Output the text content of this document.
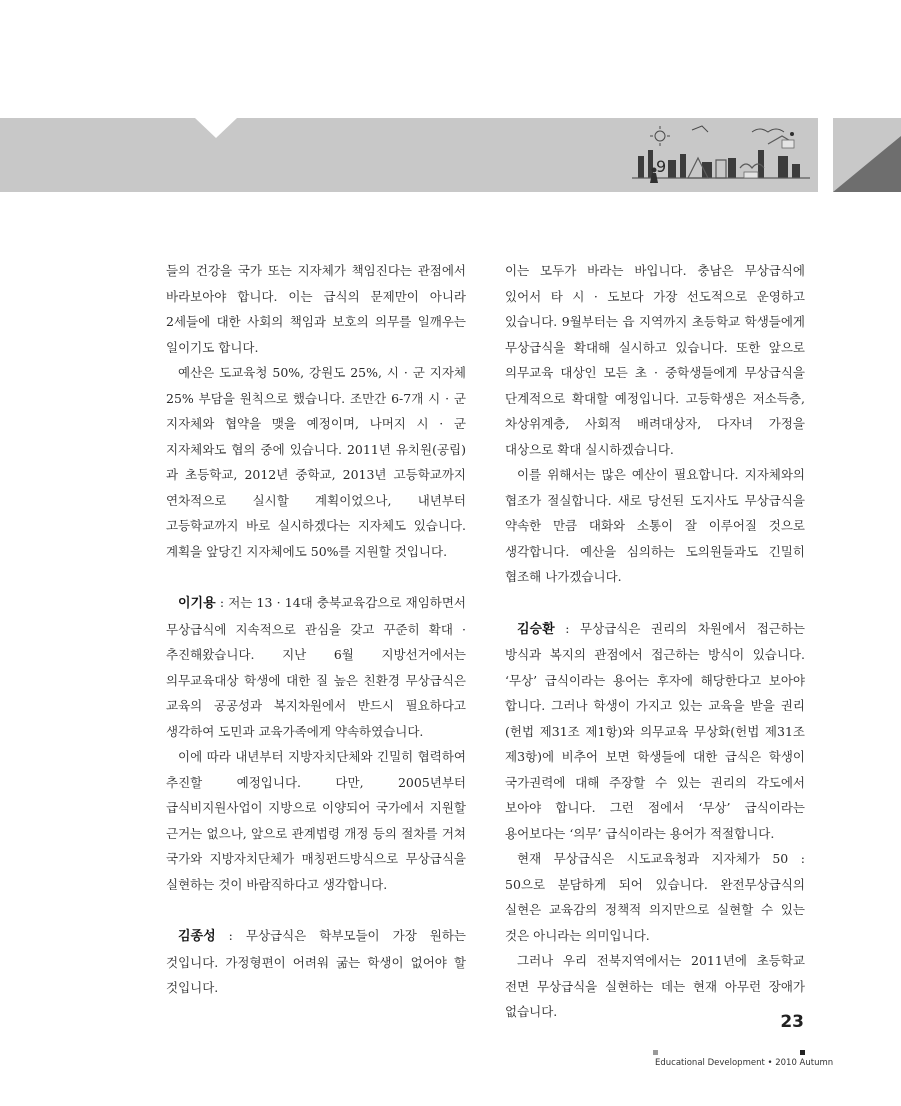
9

들의 건강을 국가 또는 지자체가 책임진다는 관점에서 바라보아야 합니다. 이는 급식의 문제만이 아니라 2세들에 대한 사회의 책임과 보호의 의무를 일깨우는 일이기도 합니다.

예산은 도교육청 50%, 강원도 25%, 시 · 군 지자체 25% 부담을 원칙으로 했습니다. 조만간 6-7개 시 · 군 지자체와 협약을 맺을 예정이며, 나머지 시 · 군 지자체와도 협의 중에 있습니다. 2011년 유치원(공립)과 초등학교, 2012년 중학교, 2013년 고등학교까지 연차적으로 실시할 계획이었으나, 내년부터 고등학교까지 바로 실시하겠다는 지자체도 있습니다. 계획을 앞당긴 지자체에도 50%를 지원할 것입니다.

이기용 : 저는 13 · 14대 충북교육감으로 재임하면서 무상급식에 지속적으로 관심을 갖고 꾸준히 확대 · 추진해왔습니다. 지난 6월 지방선거에서는 의무교육대상 학생에 대한 질 높은 친환경 무상급식은 교육의 공공성과 복지차원에서 반드시 필요하다고 생각하여 도민과 교육가족에게 약속하였습니다.

이에 따라 내년부터 지방자치단체와 긴밀히 협력하여 추진할 예정입니다. 다만, 2005년부터 급식비지원사업이 지방으로 이양되어 국가에서 지원할 근거는 없으나, 앞으로 관계법령 개정 등의 절차를 거쳐 국가와 지방자치단체가 매칭펀드방식으로 무상급식을 실현하는 것이 바람직하다고 생각합니다.

김종성 : 무상급식은 학부모들이 가장 원하는 것입니다. 가정형편이 어려워 굶는 학생이 없어야 할 것입니다.

이는 모두가 바라는 바입니다. 충남은 무상급식에 있어서 타 시 · 도보다 가장 선도적으로 운영하고 있습니다. 9월부터는 읍 지역까지 초등학교 학생들에게 무상급식을 확대해 실시하고 있습니다. 또한 앞으로 의무교육 대상인 모든 초 · 중학생들에게 무상급식을 단계적으로 확대할 예정입니다. 고등학생은 저소득층, 차상위계층, 사회적 배려대상자, 다자녀 가정을 대상으로 확대 실시하겠습니다.

이를 위해서는 많은 예산이 필요합니다. 지자체와의 협조가 절실합니다. 새로 당선된 도지사도 무상급식을 약속한 만큼 대화와 소통이 잘 이루어질 것으로 생각합니다. 예산을 심의하는 도의원들과도 긴밀히 협조해 나가겠습니다.

김승환 : 무상급식은 권리의 차원에서 접근하는 방식과 복지의 관점에서 접근하는 방식이 있습니다. ‘무상’ 급식이라는 용어는 후자에 해당한다고 보아야 합니다. 그러나 학생이 가지고 있는 교육을 받을 권리(헌법 제31조 제1항)와 의무교육 무상화(헌법 제31조 제3항)에 비추어 보면 학생들에 대한 급식은 학생이 국가권력에 대해 주장할 수 있는 권리의 각도에서 보아야 합니다. 그런 점에서 ‘무상’ 급식이라는 용어보다는 ‘의무’ 급식이라는 용어가 적절합니다.

현재 무상급식은 시도교육청과 지자체가 50 : 50으로 분담하게 되어 있습니다. 완전무상급식의 실현은 교육감의 정책적 의지만으로 실현할 수 있는 것은 아니라는 의미입니다.

그러나 우리 전북지역에서는 2011년에 초등학교 전면 무상급식을 실현하는 데는 현재 아무런 장애가 없습니다.

23
Educational Development • 2010 Autumn
